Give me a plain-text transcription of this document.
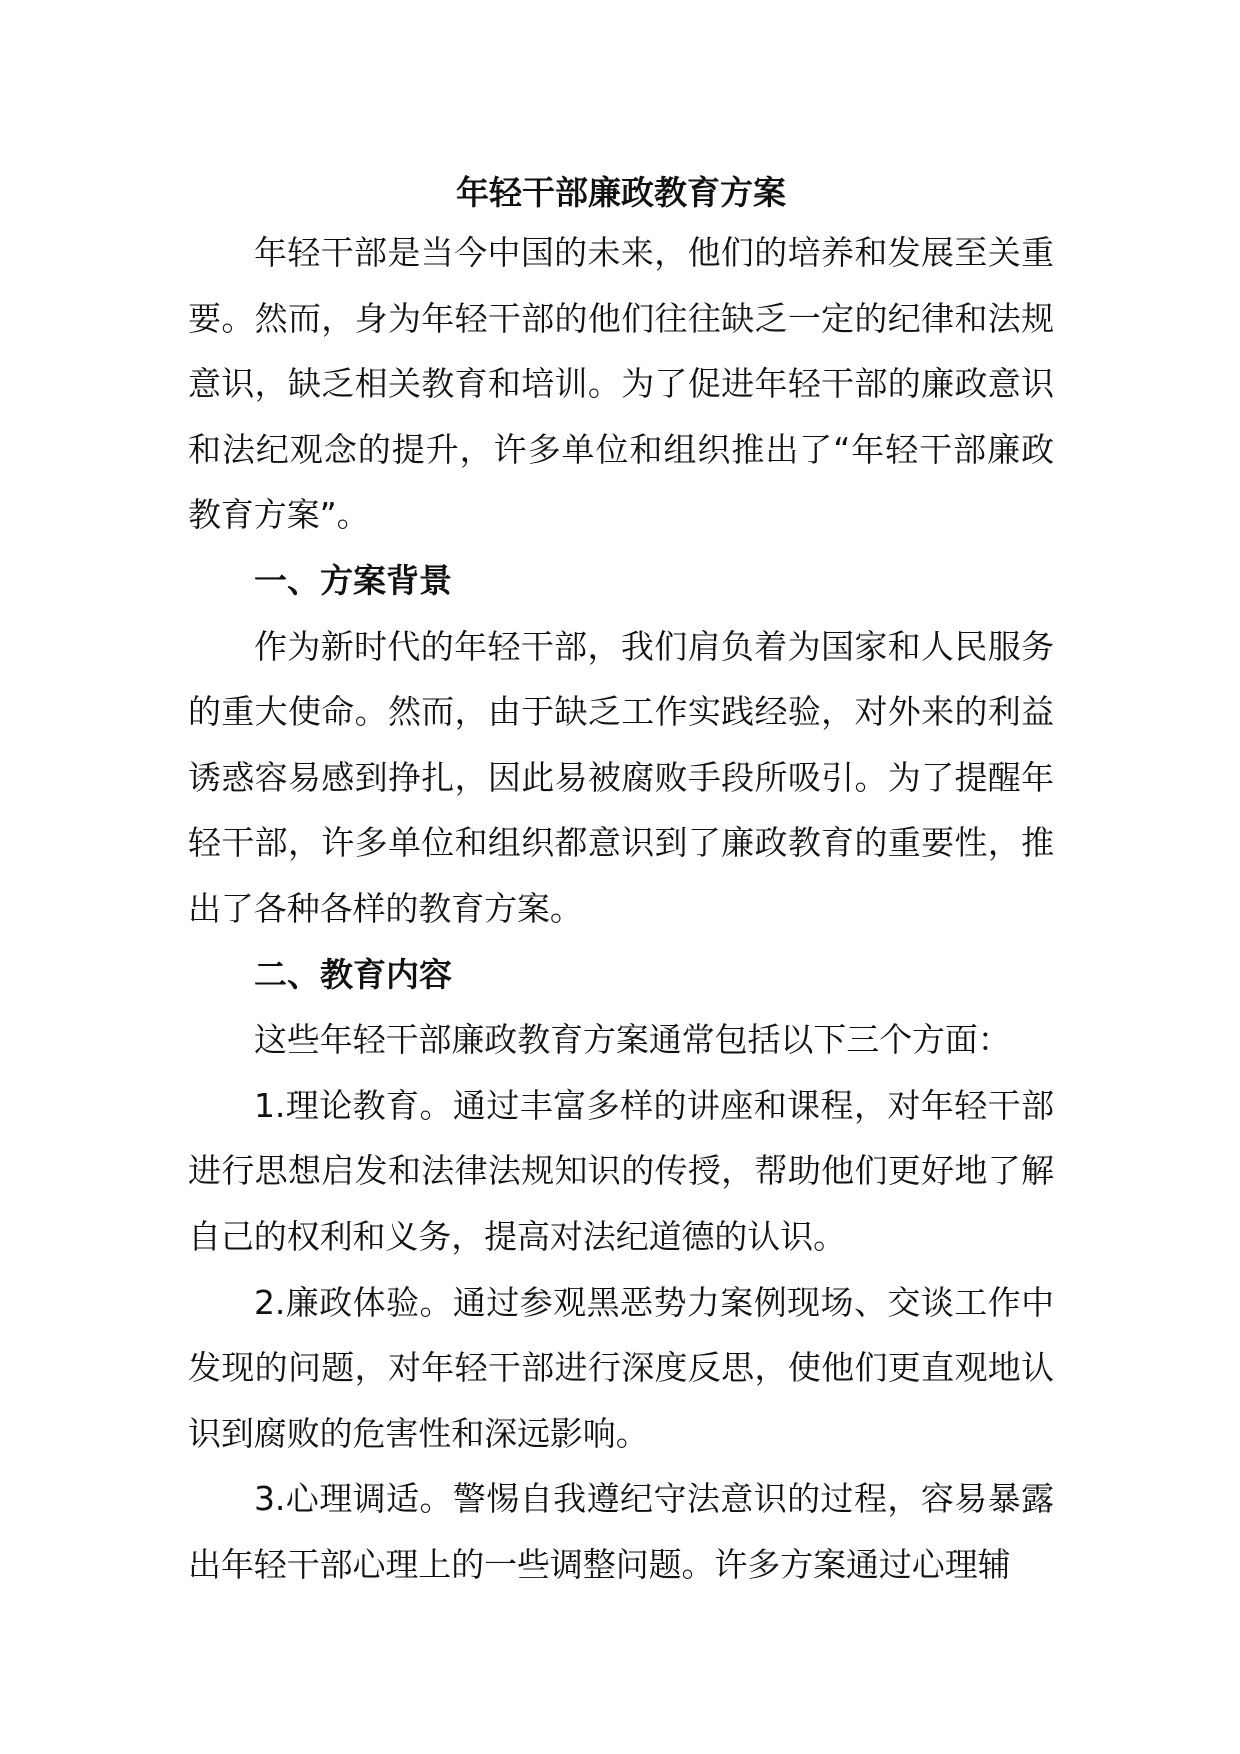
年轻干部廉政教育方案

年轻干部是当今中国的未来，他们的培养和发展至关重要。然而，身为年轻干部的他们往往缺乏一定的纪律和法规意识，缺乏相关教育和培训。为了促进年轻干部的廉政意识和法纪观念的提升，许多单位和组织推出了“年轻干部廉政教育方案”。

一、方案背景

作为新时代的年轻干部，我们肩负着为国家和人民服务的重大使命。然而，由于缺乏工作实践经验，对外来的利益诱惑容易感到挣扎，因此易被腐败手段所吸引。为了提醒年轻干部，许多单位和组织都意识到了廉政教育的重要性，推出了各种各样的教育方案。

二、教育内容

这些年轻干部廉政教育方案通常包括以下三个方面：

1.理论教育。通过丰富多样的讲座和课程，对年轻干部进行思想启发和法律法规知识的传授，帮助他们更好地了解自己的权利和义务，提高对法纪道德的认识。

2.廉政体验。通过参观黑恶势力案例现场、交谈工作中发现的问题，对年轻干部进行深度反思，使他们更直观地认识到腐败的危害性和深远影响。

3.心理调适。警惕自我遵纪守法意识的过程，容易暴露出年轻干部心理上的一些调整问题。许多方案通过心理辅
